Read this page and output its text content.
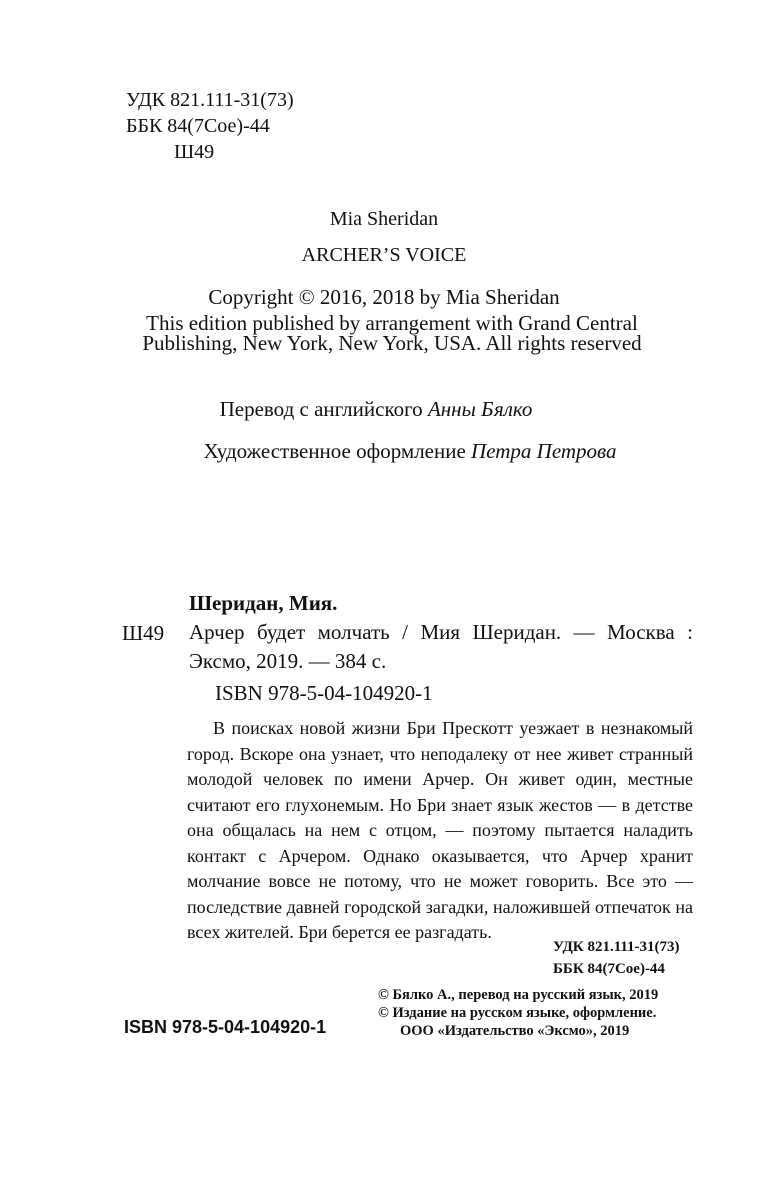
УДК 821.111-31(73)
ББК 84(7Сое)-44
Ш49
Mia Sheridan
ARCHER’S VOICE
Copyright © 2016, 2018 by Mia Sheridan
This edition published by arrangement with Grand Central
Publishing, New York, New York, USA. All rights reserved
Перевод с английского Анны Бялко
Художественное оформление Петра Петрова
Шеридан, Мия.
Ш49 Арчер будет молчать / Мия Шеридан. — Москва : Эксмо, 2019. — 384 с.
ISBN 978-5-04-104920-1
В поисках новой жизни Бри Прескотт уезжает в незнакомый город. Вскоре она узнает, что неподалеку от нее живет странный молодой человек по имени Арчер. Он живет один, местные считают его глухонемым. Но Бри знает язык жестов — в детстве она общалась на нем с отцом, — поэтому пытается наладить контакт с Арчером. Однако оказывается, что Арчер хранит молчание вовсе не потому, что не может говорить. Все это — последствие давней городской загадки, наложившей отпечаток на всех жителей. Бри берется ее разгадать.
УДК 821.111-31(73)
ББК 84(7Сое)-44
© Бялко А., перевод на русский язык, 2019
© Издание на русском языке, оформление.
ООО «Издательство «Эксмо», 2019
ISBN 978-5-04-104920-1
